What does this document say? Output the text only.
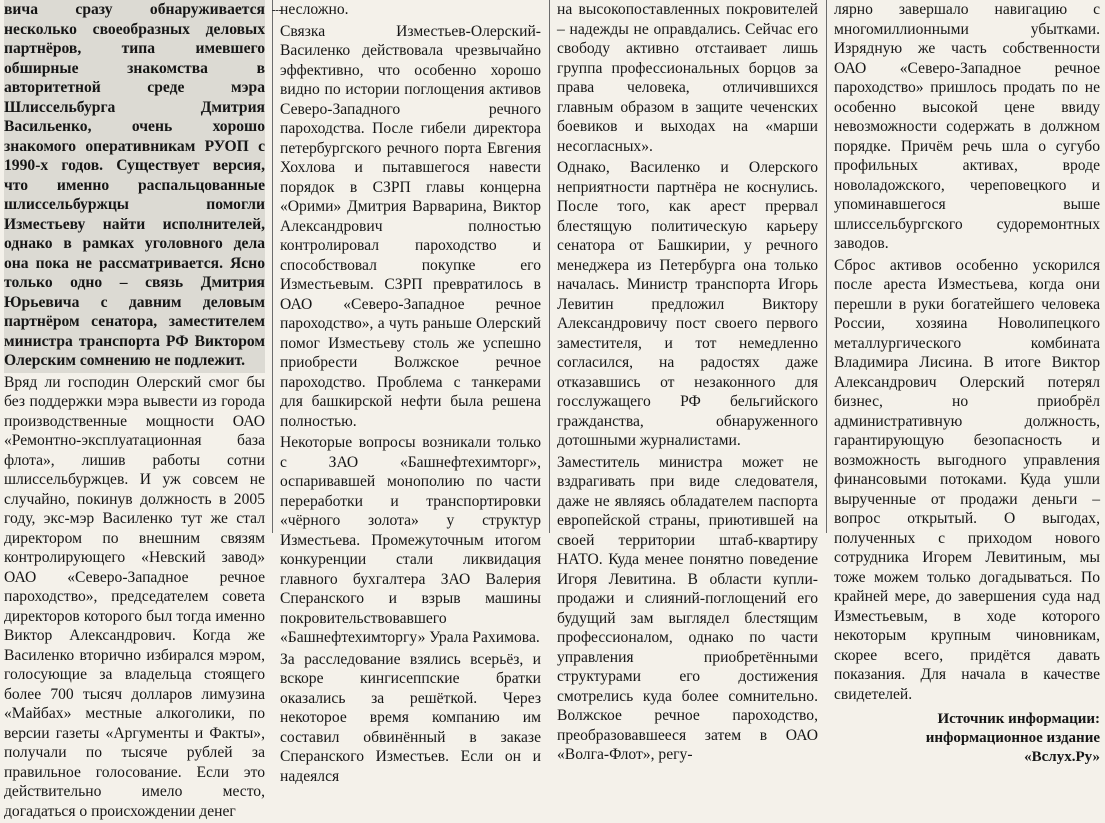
вича сразу обнаруживается несколько своеобразных деловых партнёров, типа имевшего обширные знакомства в авторитетной среде мэра Шлиссельбурга Дмитрия Васильенко, очень хорошо знакомого оперативникам РУОП с 1990-х годов. Существует версия, что именно распальцованные шлиссельбуржцы помогли Изместьеву найти исполнителей, однако в рамках уголовного дела она пока не рассматривается. Ясно только одно – связь Дмитрия Юрьевича с давним деловым партнёром сенатора, заместителем министра транспорта РФ Виктором Олерским сомнению не подлежит.

Вряд ли господин Олерский смог бы без поддержки мэра вывести из города производственные мощности ОАО «Ремонтно-эксплуатационная база флота», лишив работы сотни шлиссельбуржцев. И уж совсем не случайно, покинув должность в 2005 году, экс-мэр Василенко тут же стал директором по внешним связям контролирующего «Невский завод» ОАО «Северо-Западное речное пароходство», председателем совета директоров которого был тогда именно Виктор Александрович. Когда же Василенко вторично избирался мэром, голосующие за владельца стоящего более 700 тысяч долларов лимузина «Майбах» местные алкоголики, по версии газеты «Аргументы и Факты», получали по тысяче рублей за правильное голосование. Если это действительно имело место, догадаться о происхождении денег

несложно.

Связка Изместьев-Олерский-Василенко действовала чрезвычайно эффективно, что особенно хорошо видно по истории поглощения активов Северо-Западного речного пароходства. После гибели директора петербургского речного порта Евгения Хохлова и пытавшегося навести порядок в СЗРП главы концерна «Орими» Дмитрия Варварина, Виктор Александрович полностью контролировал пароходство и способствовал покупке его Изместьевым. СЗРП превратилось в ОАО «Северо-Западное речное пароходство», а чуть раньше Олерский помог Изместьеву столь же успешно приобрести Волжское речное пароходство. Проблема с танкерами для башкирской нефти была решена полностью.

Некоторые вопросы возникали только с ЗАО «Башнефтехимторг», оспаривавшей монополию по части переработки и транспортировки «чёрного золота» у структур Изместьева. Промежуточным итогом конкуренции стали ликвидация главного бухгалтера ЗАО Валерия Сперанского и взрыв машины покровительствовавшего «Башнефтехимторгу» Урала Рахимова.

За расследование взялись всерьёз, и вскоре кингисеппские братки оказались за решёткой. Через некоторое время компанию им составил обвинённый в заказе Сперанского Изместьев. Если он и надеялся

на высокопоставленных покровителей – надежды не оправдались. Сейчас его свободу активно отстаивает лишь группа профессиональных борцов за права человека, отличившихся главным образом в защите чеченских боевиков и выходах на «марши несогласных».

Однако, Василенко и Олерского неприятности партнёра не коснулись. После того, как арест прервал блестящую политическую карьеру сенатора от Башкирии, у речного менеджера из Петербурга она только началась. Министр транспорта Игорь Левитин предложил Виктору Александровичу пост своего первого заместителя, и тот немедленно согласился, на радостях даже отказавшись от незаконного для госслужащего РФ бельгийского гражданства, обнаруженного дотошными журналистами.

Заместитель министра может не вздрагивать при виде следователя, даже не являясь обладателем паспорта европейской страны, приютившей на своей территории штаб-квартиру НАТО. Куда менее понятно поведение Игоря Левитина. В области купли-продажи и слияний-поглощений его будущий зам выглядел блестящим профессионалом, однако по части управления приобретёнными структурами его достижения смотрелись куда более сомнительно. Волжское речное пароходство, преобразовавшееся затем в ОАО «Волга-Флот», регу-

лярно завершало навигацию с многомиллионными убытками. Изрядную же часть собственности ОАО «Северо-Западное речное пароходство» пришлось продать по не особенно высокой цене ввиду невозможности содержать в должном порядке. Причём речь шла о сугубо профильных активах, вроде новоладожского, череповецкого и упоминавшегося выше шлиссельбургского судоремонтных заводов.

Сброс активов особенно ускорился после ареста Изместьева, когда они перешли в руки богатейшего человека России, хозяина Новолипецкого металлургического комбината Владимира Лисина. В итоге Виктор Александрович Олерский потерял бизнес, но приобрёл административную должность, гарантирующую безопасность и возможность выгодного управления финансовыми потоками. Куда ушли вырученные от продажи деньги – вопрос открытый. О выгодах, полученных с приходом нового сотрудника Игорем Левитиным, мы тоже можем только догадываться. По крайней мере, до завершения суда над Изместьевым, в ходе которого некоторым крупным чиновникам, скорее всего, придётся давать показания. Для начала в качестве свидетелей.

Источник информации:
информационное издание
«Вслух.Ру»
